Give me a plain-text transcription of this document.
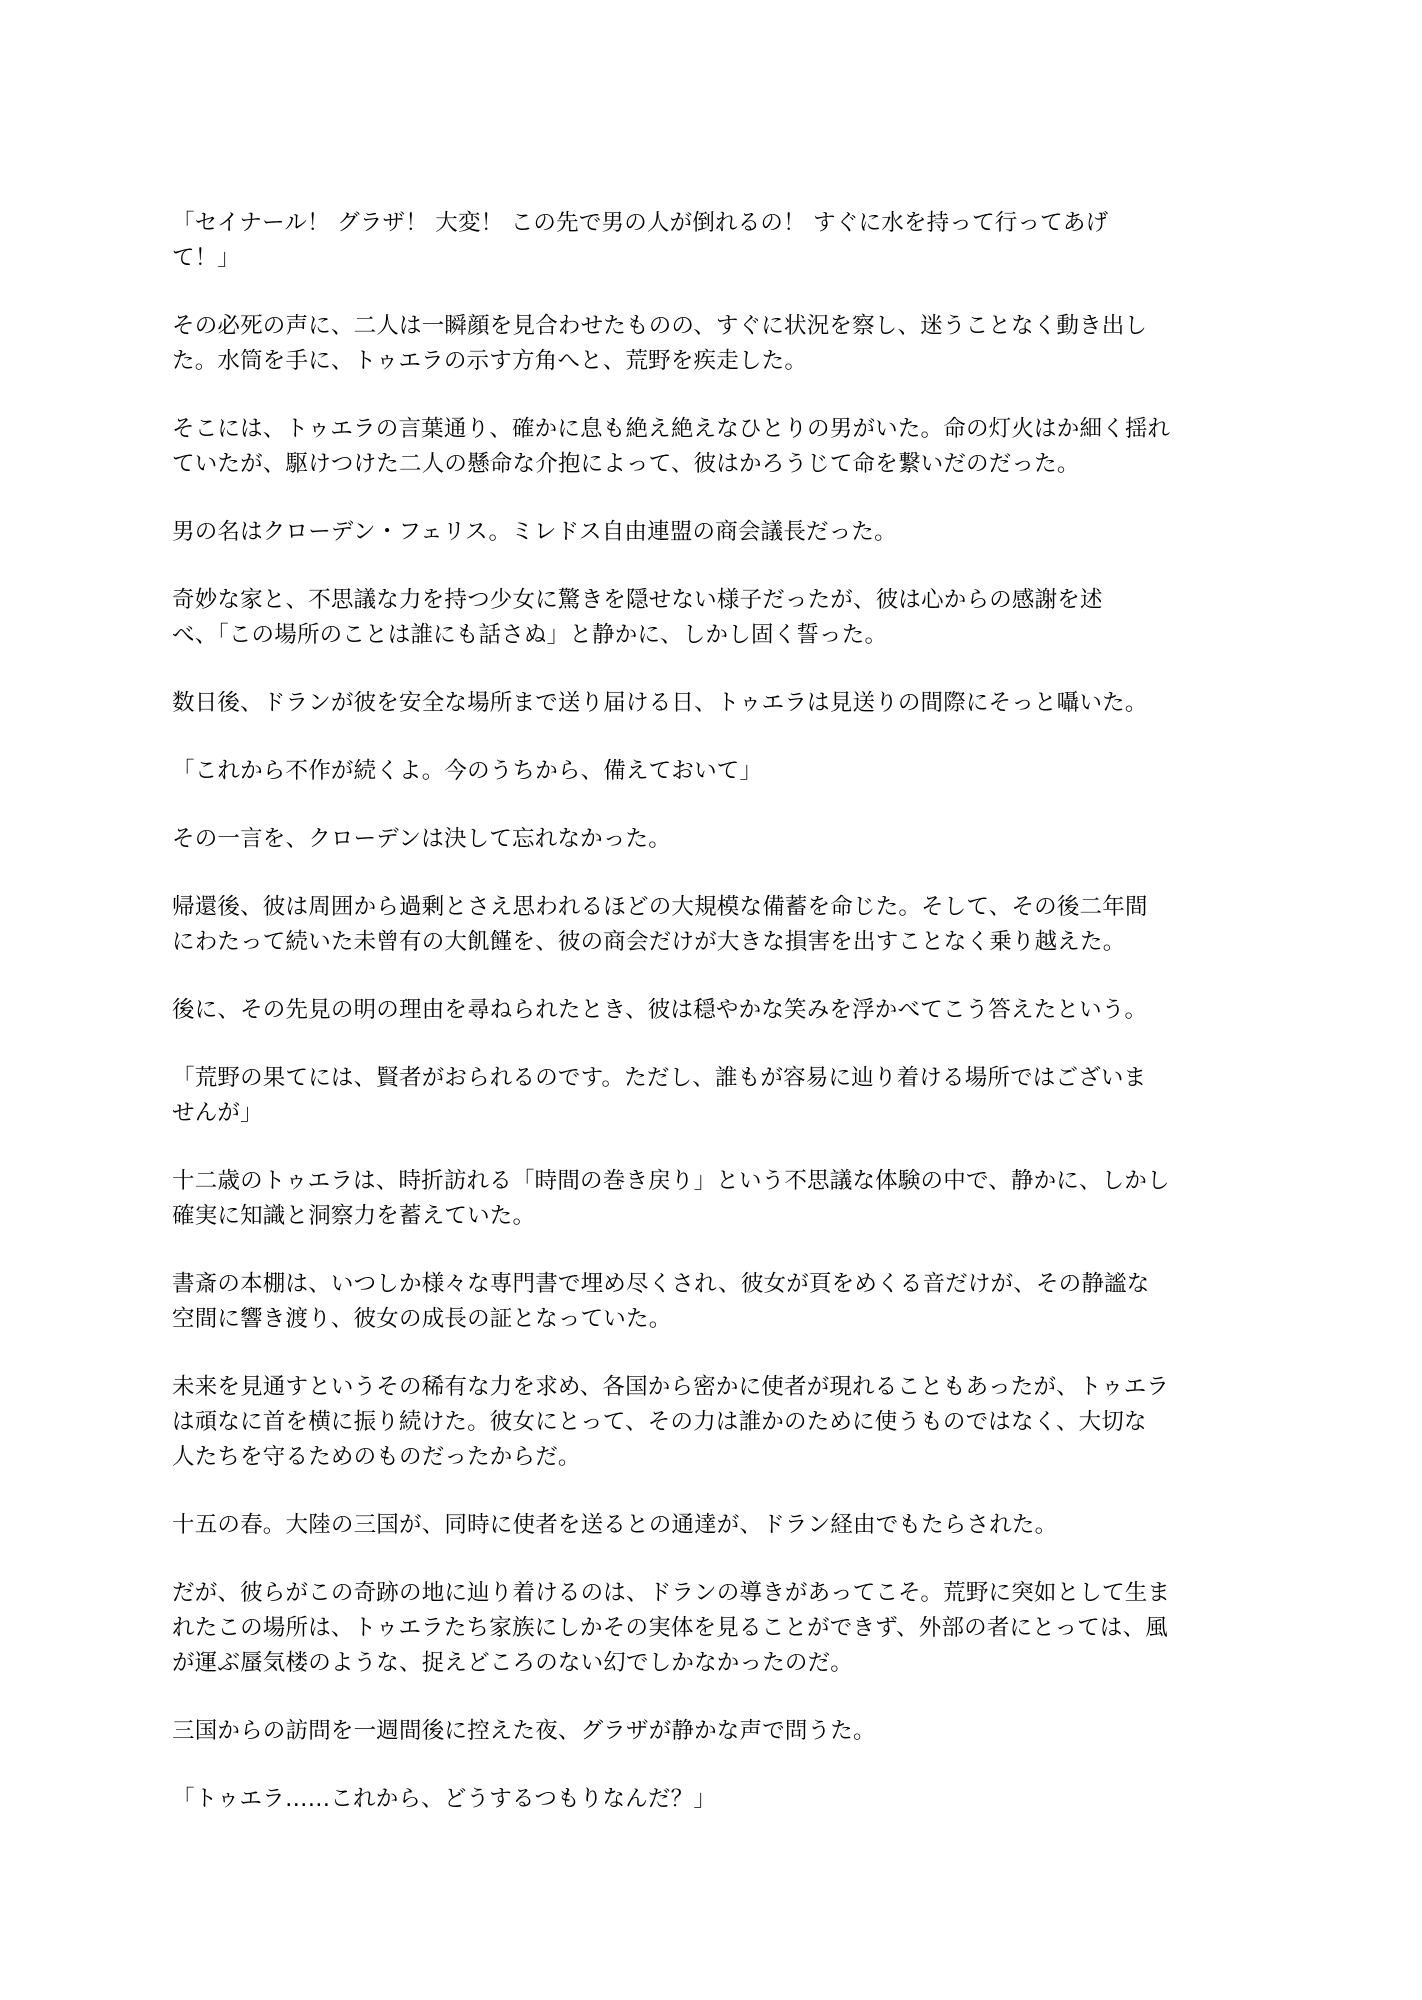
「セイナール！ グラザ！ 大変！ この先で男の人が倒れるの！ すぐに水を持って行ってあげ
て！」

その必死の声に、二人は一瞬顔を見合わせたものの、すぐに状況を察し、迷うことなく動き出し
た。水筒を手に、トゥエラの示す方角へと、荒野を疾走した。

そこには、トゥエラの言葉通り、確かに息も絶え絶えなひとりの男がいた。命の灯火はか細く揺れ
ていたが、駆けつけた二人の懸命な介抱によって、彼はかろうじて命を繋いだのだった。

男の名はクローデン・フェリス。ミレドス自由連盟の商会議長だった。

奇妙な家と、不思議な力を持つ少女に驚きを隠せない様子だったが、彼は心からの感謝を述
べ、「この場所のことは誰にも話さぬ」と静かに、しかし固く誓った。

数日後、ドランが彼を安全な場所まで送り届ける日、トゥエラは見送りの間際にそっと囁いた。

「これから不作が続くよ。今のうちから、備えておいて」

その一言を、クローデンは決して忘れなかった。

帰還後、彼は周囲から過剰とさえ思われるほどの大規模な備蓄を命じた。そして、その後二年間
にわたって続いた未曾有の大飢饉を、彼の商会だけが大きな損害を出すことなく乗り越えた。

後に、その先見の明の理由を尋ねられたとき、彼は穏やかな笑みを浮かべてこう答えたという。

「荒野の果てには、賢者がおられるのです。ただし、誰もが容易に辿り着ける場所ではございま
せんが」

十二歳のトゥエラは、時折訪れる「時間の巻き戻り」という不思議な体験の中で、静かに、しかし
確実に知識と洞察力を蓄えていた。

書斎の本棚は、いつしか様々な専門書で埋め尽くされ、彼女が頁をめくる音だけが、その静謐な
空間に響き渡り、彼女の成長の証となっていた。

未来を見通すというその稀有な力を求め、各国から密かに使者が現れることもあったが、トゥエラ
は頑なに首を横に振り続けた。彼女にとって、その力は誰かのために使うものではなく、大切な
人たちを守るためのものだったからだ。

十五の春。大陸の三国が、同時に使者を送るとの通達が、ドラン経由でもたらされた。

だが、彼らがこの奇跡の地に辿り着けるのは、ドランの導きがあってこそ。荒野に突如として生ま
れたこの場所は、トゥエラたち家族にしかその実体を見ることができず、外部の者にとっては、風
が運ぶ蜃気楼のような、捉えどころのない幻でしかなかったのだ。

三国からの訪問を一週間後に控えた夜、グラザが静かな声で問うた。

「トゥエラ……これから、どうするつもりなんだ？」
